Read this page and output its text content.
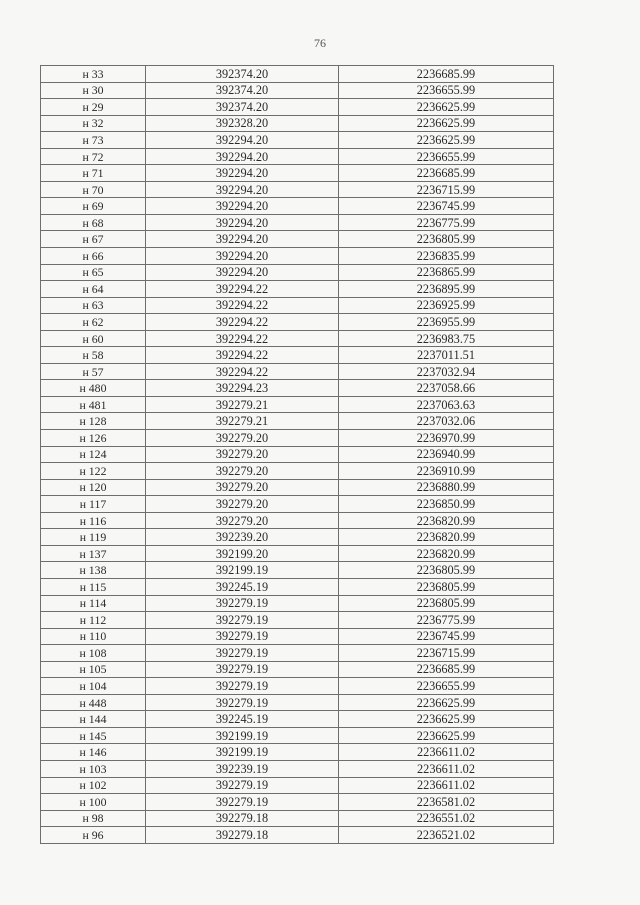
76
н 33	392374.20	2236685.99
н 30	392374.20	2236655.99
н 29	392374.20	2236625.99
н 32	392328.20	2236625.99
н 73	392294.20	2236625.99
н 72	392294.20	2236655.99
н 71	392294.20	2236685.99
н 70	392294.20	2236715.99
н 69	392294.20	2236745.99
н 68	392294.20	2236775.99
н 67	392294.20	2236805.99
н 66	392294.20	2236835.99
н 65	392294.20	2236865.99
н 64	392294.22	2236895.99
н 63	392294.22	2236925.99
н 62	392294.22	2236955.99
н 60	392294.22	2236983.75
н 58	392294.22	2237011.51
н 57	392294.22	2237032.94
н 480	392294.23	2237058.66
н 481	392279.21	2237063.63
н 128	392279.21	2237032.06
н 126	392279.20	2236970.99
н 124	392279.20	2236940.99
н 122	392279.20	2236910.99
н 120	392279.20	2236880.99
н 117	392279.20	2236850.99
н 116	392279.20	2236820.99
н 119	392239.20	2236820.99
н 137	392199.20	2236820.99
н 138	392199.19	2236805.99
н 115	392245.19	2236805.99
н 114	392279.19	2236805.99
н 112	392279.19	2236775.99
н 110	392279.19	2236745.99
н 108	392279.19	2236715.99
н 105	392279.19	2236685.99
н 104	392279.19	2236655.99
н 448	392279.19	2236625.99
н 144	392245.19	2236625.99
н 145	392199.19	2236625.99
н 146	392199.19	2236611.02
н 103	392239.19	2236611.02
н 102	392279.19	2236611.02
н 100	392279.19	2236581.02
н 98	392279.18	2236551.02
н 96	392279.18	2236521.02
